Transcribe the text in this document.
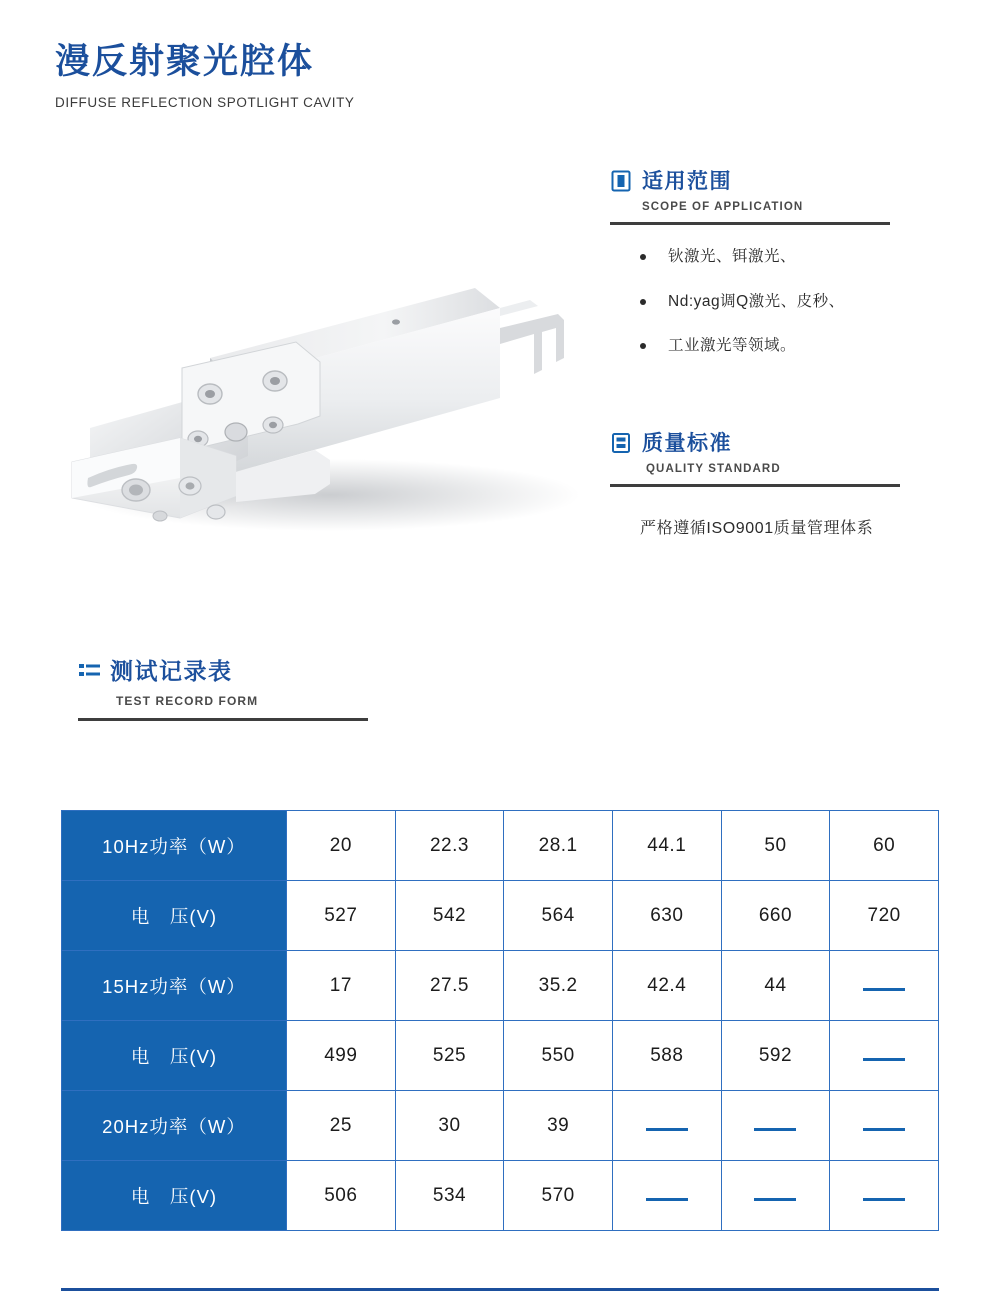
漫反射聚光腔体
DIFFUSE REFLECTION SPOTLIGHT CAVITY
适用范围
SCOPE OF APPLICATION
钬激光、铒激光、
Nd:yag调Q激光、皮秒、
工业激光等领域。
质量标准
QUALITY STANDARD
严格遵循ISO9001质量管理体系
测试记录表
TEST RECORD FORM
10Hz功率（W）	20	22.3	28.1	44.1	50	60
电　压(V)	527	542	564	630	660	720
15Hz功率（W）	17	27.5	35.2	42.4	44	
电　压(V)	499	525	550	588	592	
20Hz功率（W）	25	30	39			
电　压(V)	506	534	570			
